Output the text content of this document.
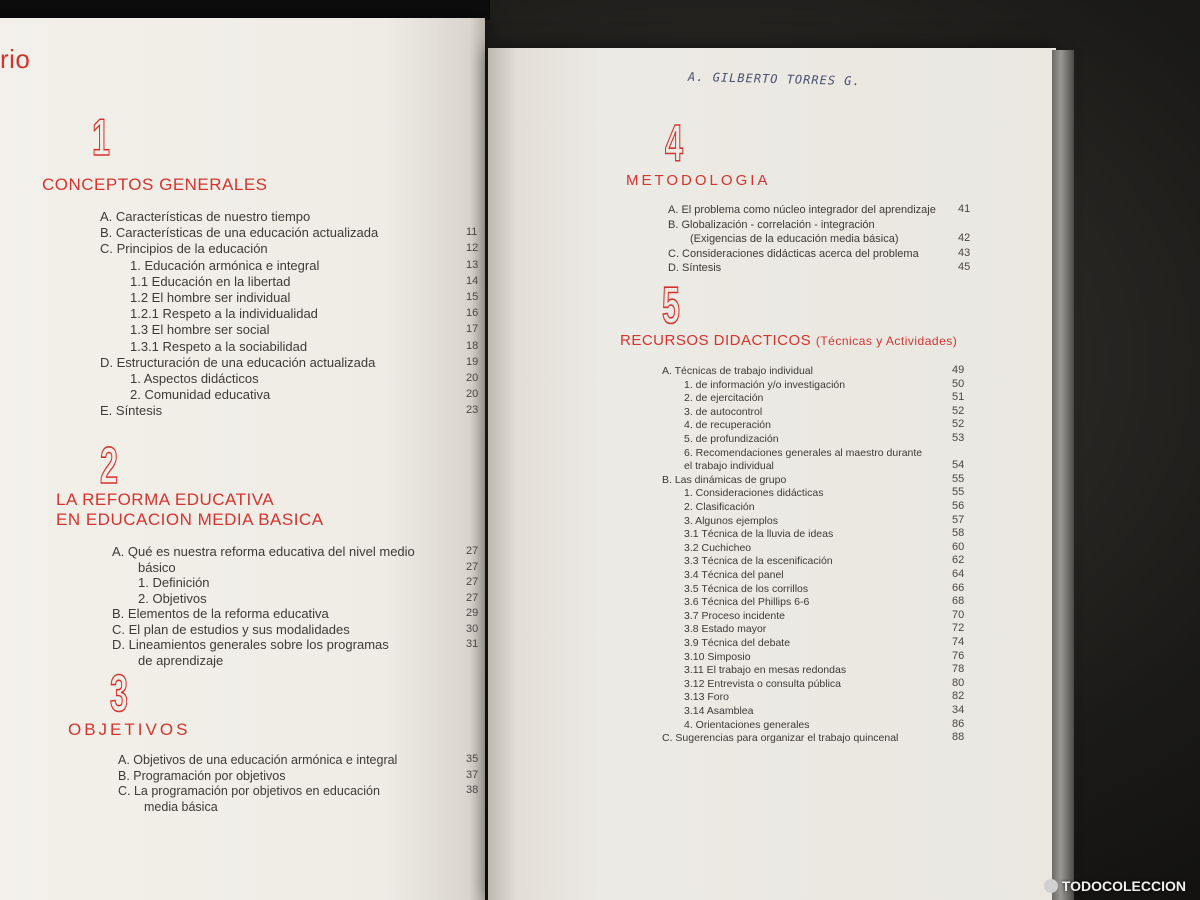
rio
1
CONCEPTOS GENERALES
A. Características de nuestro tiempo
B. Características de una educación actualizada	11
C. Principios de la educación	12
1. Educación armónica e integral	13
1.1 Educación en la libertad	14
1.2 El hombre ser individual	15
1.2.1 Respeto a la individualidad	16
1.3 El hombre ser social	17
1.3.1 Respeto a la sociabilidad	18
D. Estructuración de una educación actualizada	19
1. Aspectos didácticos	20
2. Comunidad educativa	20
E. Síntesis	23
2
LA REFORMA EDUCATIVA
EN EDUCACION MEDIA BASICA
A. Qué es nuestra reforma educativa del nivel medio	27
básico	27
1. Definición	27
2. Objetivos	27
B. Elementos de la reforma educativa	29
C. El plan de estudios y sus modalidades	30
D. Lineamientos generales sobre los programas	31
de aprendizaje
3
OBJETIVOS
A. Objetivos de una educación armónica e integral	35
B. Programación por objetivos	37
C. La programación por objetivos en educación	38
media básica
A. GILBERTO TORRES G.
4
METODOLOGIA
A. El problema como núcleo integrador del aprendizaje 41
B. Globalización - correlación - integración
(Exigencias de la educación media básica)	42
C. Consideraciones didácticas acerca del problema	43
D. Síntesis	45
5
RECURSOS DIDACTICOS (Técnicas y Actividades)
A. Técnicas de trabajo individual	49
1. de información y/o investigación	50
2. de ejercitación	51
3. de autocontrol	52
4. de recuperación	52
5. de profundización	53
6. Recomendaciones generales al maestro durante
el trabajo individual	54
B. Las dinámicas de grupo	55
1. Consideraciones didácticas	55
2. Clasificación	56
3. Algunos ejemplos	57
3.1 Técnica de la lluvia de ideas	58
3.2 Cuchicheo	60
3.3 Técnica de la escenificación	62
3.4 Técnica del panel	64
3.5 Técnica de los corrillos	66
3.6 Técnica del Phillips 6-6	68
3.7 Proceso incidente	70
3.8 Estado mayor	72
3.9 Técnica del debate	74
3.10 Simposio	76
3.11 El trabajo en mesas redondas	78
3.12 Entrevista o consulta pública	80
3.13 Foro	82
3.14 Asamblea	34
4. Orientaciones generales	86
C. Sugerencias para organizar el trabajo quincenal	88
TODOCOLECCION
